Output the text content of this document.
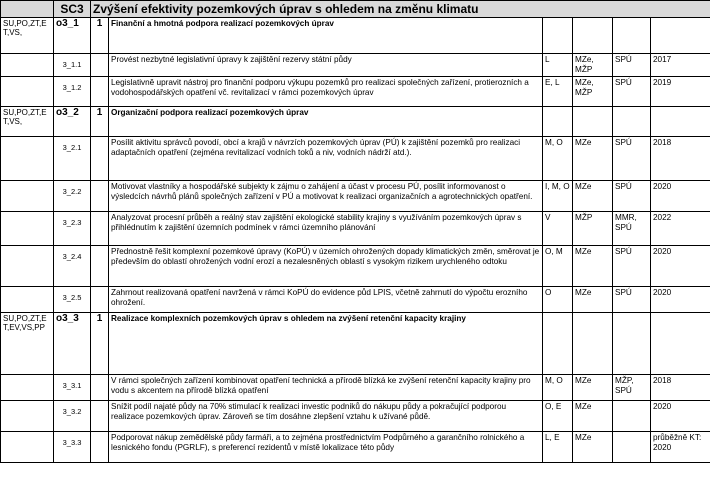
	SC3	Zvýšení efektivity pozemkových úprav s ohledem na změnu klimatu					
SU,PO,ZT,E T,VS,	o3_1	1	Finanční a hmotná podpora realizací pozemkových úprav				
	3_1.1		Provést nezbytné legislativní úpravy k zajištění rezervy státní půdy	L	MZe, MŽP	SPÚ	2017
	3_1.2		Legislativně upravit nástroj pro finanční podporu výkupu pozemků pro realizaci společných zařízení, protierozních a vodohospodářských opatření vč. revitalizací v rámci pozemkových úprav	E, L	MZe, MŽP	SPÚ	2019
SU,PO,ZT,E T,VS,	o3_2	1	Organizační podpora realizací pozemkových úprav				
	3_2.1		Posílit aktivitu správců povodí, obcí a krajů v návrzích pozemkových úprav (PÚ) k zajištění pozemků pro realizaci adaptačních opatření (zejména revitalizací vodních toků a niv, vodních nádrží atd.).	M, O	MZe	SPÚ	2018
	3_2.2		Motivovat vlastníky a hospodářské subjekty k zájmu o zahájení a účast v procesu PÚ, posílit informovanost o výsledcích návrhů plánů společných zařízení v PÚ a motivovat k realizaci organizačních a agrotechnických opatření.	I, M, O	MZe	SPÚ	2020
	3_2.3		Analyzovat procesní průběh a reálný stav zajištění ekologické stability krajiny s využíváním pozemkových úprav s přihlédnutím k zajištění územních podmínek v rámci územního plánování	V	MŽP	MMR, SPÚ	2022
	3_2.4		Přednostně řešit komplexní pozemkové úpravy (KoPÚ) v územích ohrožených dopady klimatických změn, směrovat je především do oblastí ohrožených vodní erozí a nezalesněných oblastí s vysokým rizikem urychleného odtoku	O, M	MZe	SPÚ	2020
	3_2.5		Zahrnout realizovaná opatření navržená v rámci KoPÚ do evidence půd LPIS, včetně zahrnutí do výpočtu erozního ohrožení.	O	MZe	SPÚ	2020
SU,PO,ZT,E T,EV,VS,PP	o3_3	1	Realizace komplexních pozemkových úprav s ohledem na zvýšení retenční kapacity krajiny				
	3_3.1		V rámci společných zařízení kombinovat opatření technická a přírodě blízká ke zvýšení retenční kapacity krajiny pro vodu s akcentem na přírodě blízká opatření	M, O	MZe	MŽP, SPÚ	2018
	3_3.2		Snížit podíl najaté půdy na 70% stimulací k realizaci investic podniků do nákupu půdy a pokračující podporou realizace pozemkových úprav. Zároveň se tím dosáhne zlepšení vztahu k užívané půdě.	O, E	MZe		2020
	3_3.3		Podporovat nákup zemědělské půdy farmáři, a to zejména prostřednictvím Podpůrného a garančního rolnického a lesnického fondu (PGRLF), s preferencí rezidentů v místě lokalizace této půdy	L, E	MZe		průběžně KT: 2020
